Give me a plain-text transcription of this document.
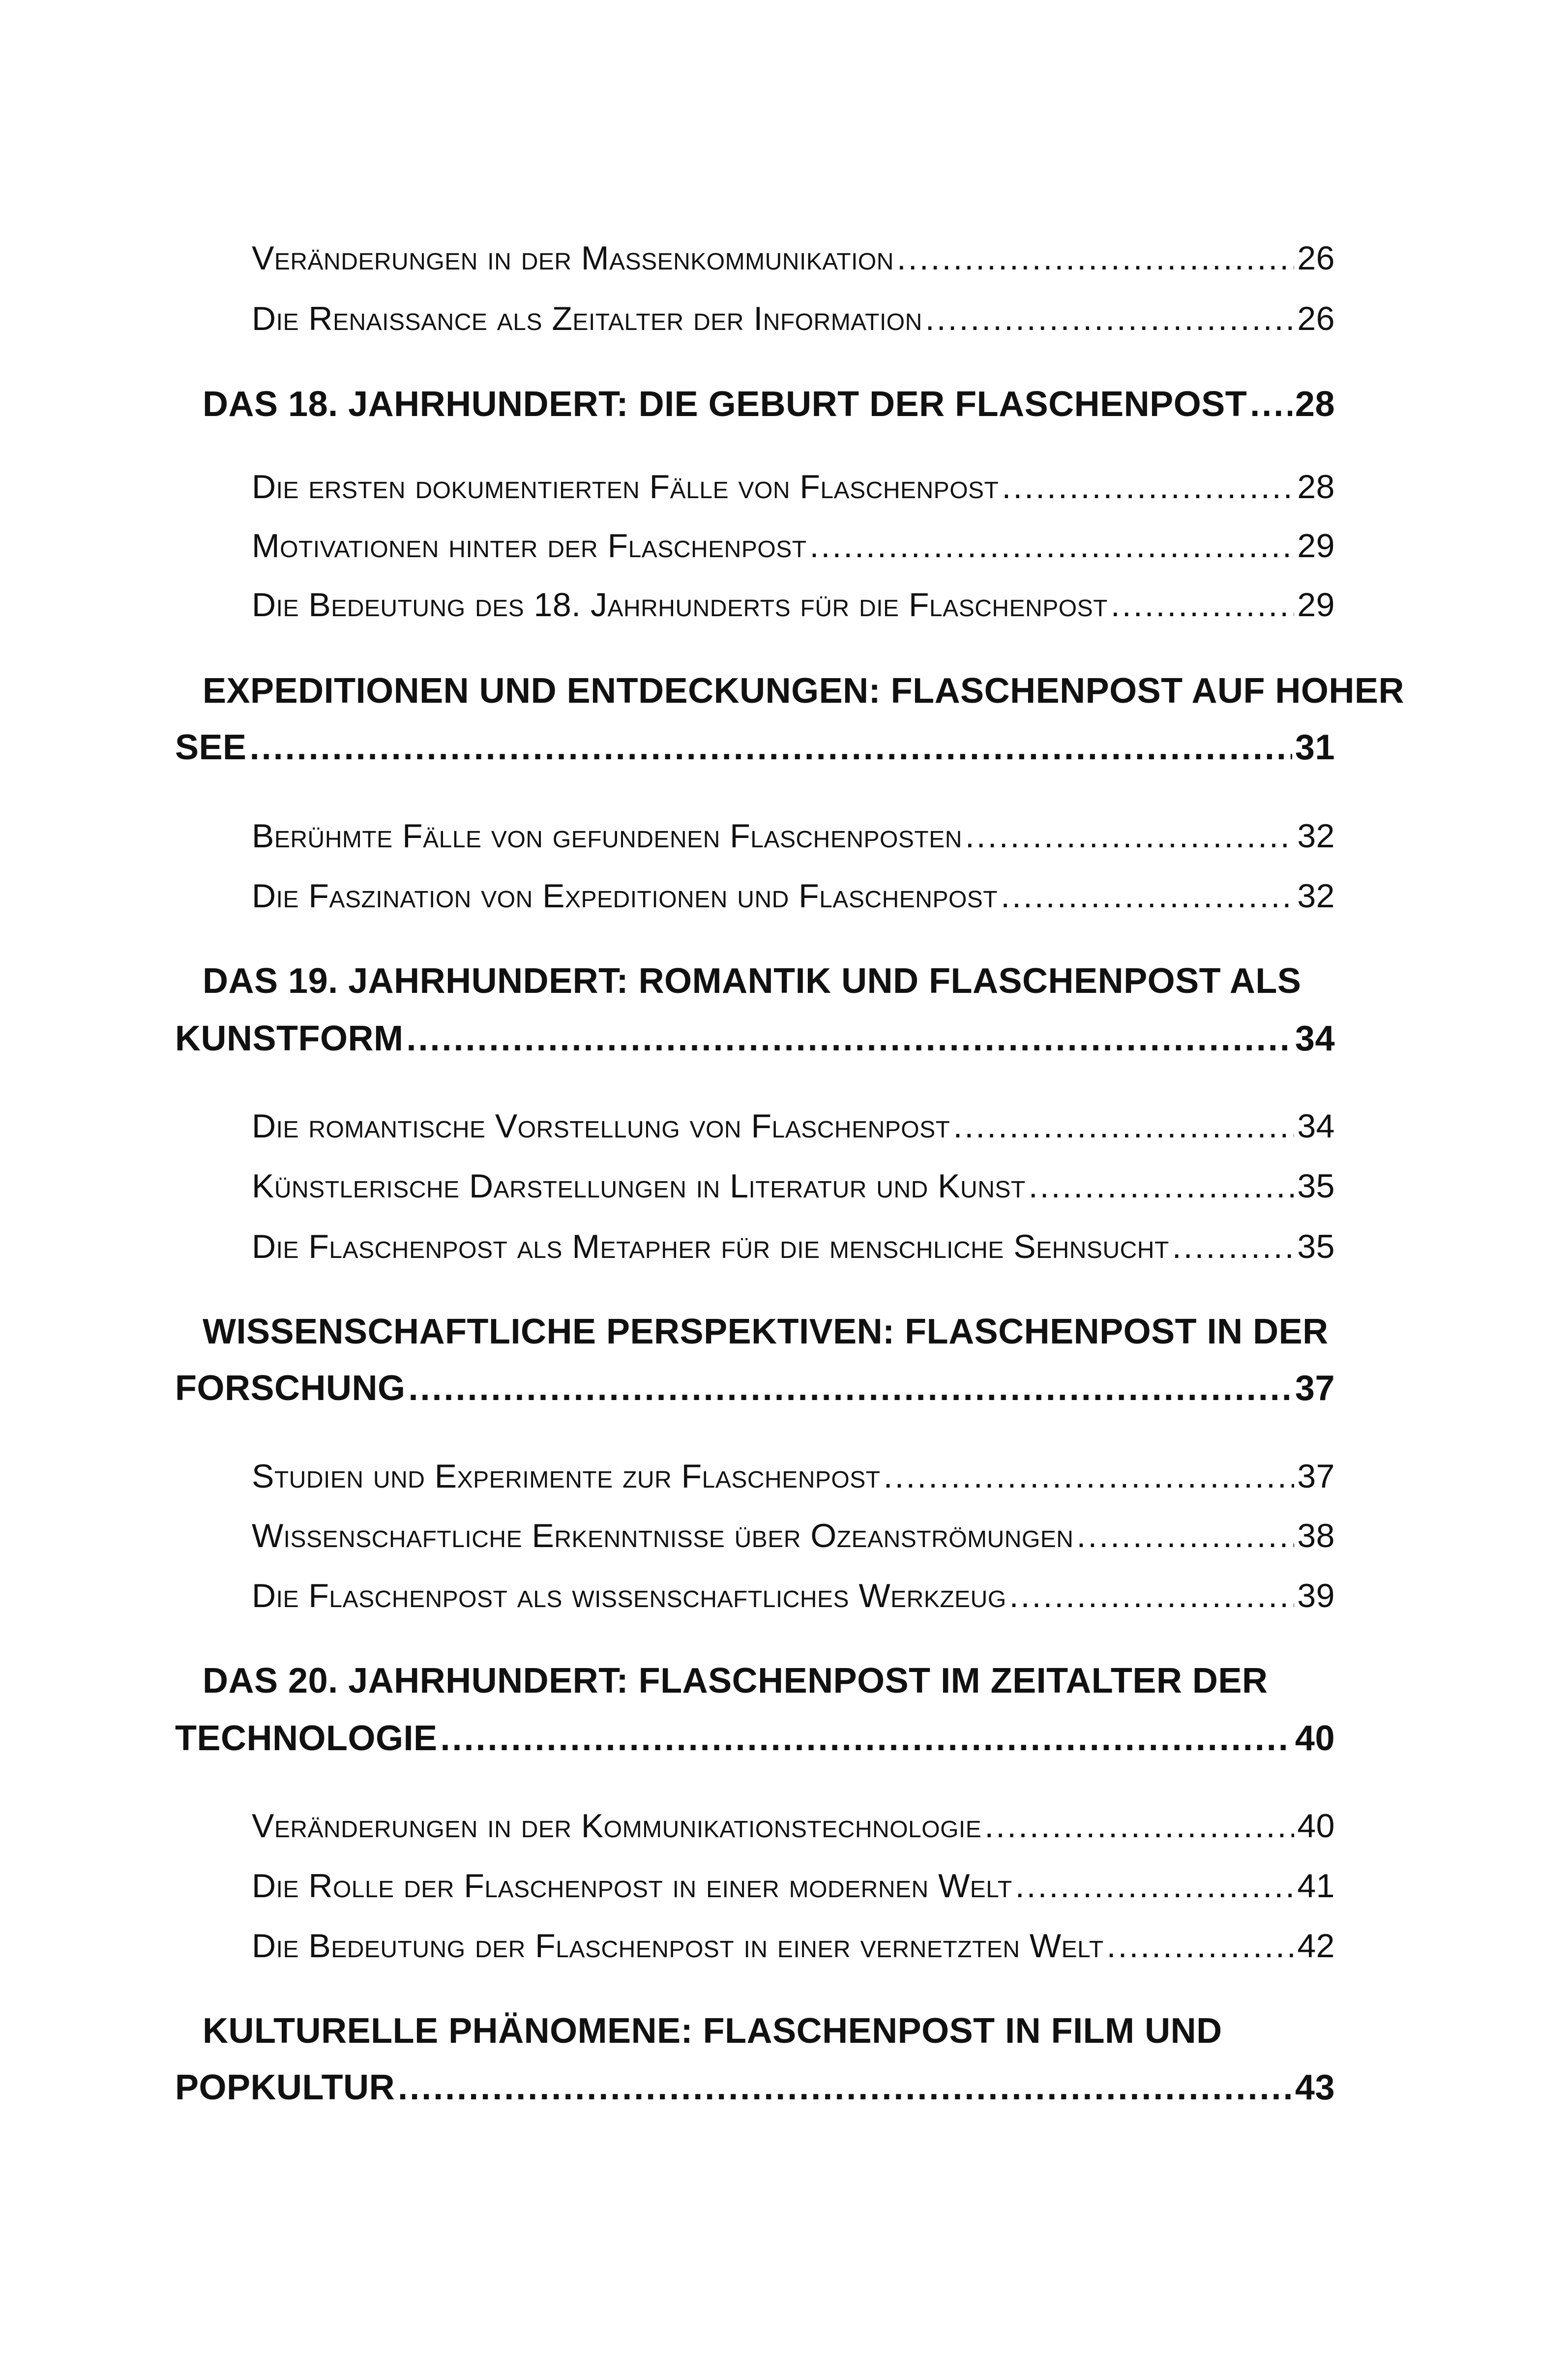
Veränderungen in der Massenkommunikation .....	26
Die Renaissance als Zeitalter der Information .....	26
DAS 18. JAHRHUNDERT: DIE GEBURT DER FLASCHENPOST ..... 28
Die ersten dokumentierten Fälle von Flaschenpost .....	28
Motivationen hinter der Flaschenpost .....	29
Die Bedeutung des 18. Jahrhunderts für die Flaschenpost .....	29
EXPEDITIONEN UND ENTDECKUNGEN: FLASCHENPOST AUF HOHER
SEE .....	31
Berühmte Fälle von gefundenen Flaschenposten .....	32
Die Faszination von Expeditionen und Flaschenpost .....	32
DAS 19. JAHRHUNDERT: ROMANTIK UND FLASCHENPOST ALS
KUNSTFORM .....	34
Die romantische Vorstellung von Flaschenpost .....	34
Künstlerische Darstellungen in Literatur und Kunst .....	35
Die Flaschenpost als Metapher für die menschliche Sehnsucht .....	35
WISSENSCHAFTLICHE PERSPEKTIVEN: FLASCHENPOST IN DER
FORSCHUNG .....	37
Studien und Experimente zur Flaschenpost .....	37
Wissenschaftliche Erkenntnisse über Ozeanströmungen .....	38
Die Flaschenpost als wissenschaftliches Werkzeug .....	39
DAS 20. JAHRHUNDERT: FLASCHENPOST IM ZEITALTER DER
TECHNOLOGIE .....	40
Veränderungen in der Kommunikationstechnologie .....	40
Die Rolle der Flaschenpost in einer modernen Welt .....	41
Die Bedeutung der Flaschenpost in einer vernetzten Welt .....	42
KULTURELLE PHÄNOMENE: FLASCHENPOST IN FILM UND
POPKULTUR .....	43
